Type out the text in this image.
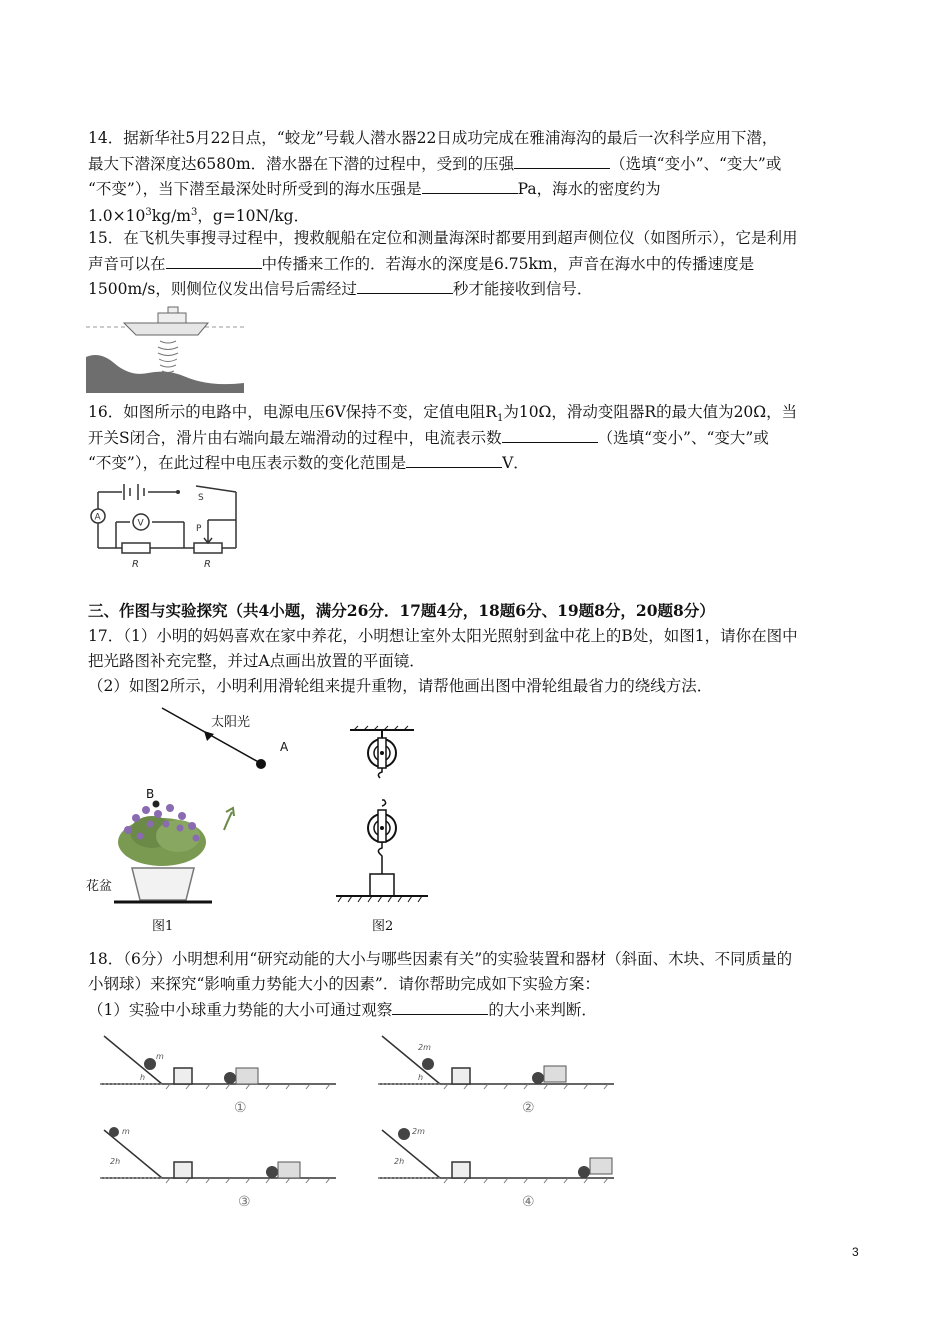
14．据新华社5月22日点，“蛟龙”号载人潜水器22日成功完成在雅浦海沟的最后一次科学应用下潜，
最大下潜深度达6580m．潜水器在下潜的过程中，受到的压强	（选填“变小”、“变大”或
“不变”），当下潜至最深处时所受到的海水压强是	Pa，海水的密度约为
$1.0\times 10^3kg/m^3$，g=10N/kg．
15．在飞机失事搜寻过程中，搜救舰船在定位和测量海深时都要用到超声侧位仪（如图所示），它是利用
声音可以在	中传播来工作的．若海水的深度是6.75km，声音在海水中的传播速度是
1500m/s，则侧位仪发出信号后需经过	秒才能接收到信号．
16．如图所示的电路中，电源电压6V保持不变，定值电阻$R_1$为10Ω，滑动变阻器R的最大值为20Ω，当
开关S闭合，滑片由右端向最左端滑动的过程中，电流表示数	（选填“变小”、“变大”或
“不变”），在此过程中电压表示数的变化范围是	V．
S
A
V
P
R	R
三、作图与实验探究（共4小题，满分26分．17题4分，18题6分、19题8分，20题8分）
17．（1）小明的妈妈喜欢在家中养花，小明想让室外太阳光照射到盆中花上的B处，如图1，请你在图中
把光路图补充完整，并过A点画出放置的平面镜．
（2）如图2所示，小明利用滑轮组来提升重物，请帮他画出图中滑轮组最省力的绕线方法．
太阳光
B
花盆
图1
A
图2
18．（6分）小明想利用“研究动能的大小与哪些因素有关”的实验装置和器材（斜面、木块、不同质量的
小钢球）来探究“影响重力势能大小的因素”．请你帮助完成如下实验方案：
（1）实验中小球重力势能的大小可通过观察	的大小来判断．
m
h
①
2m
h
②
m
2h
③
2m
2h
④
3
